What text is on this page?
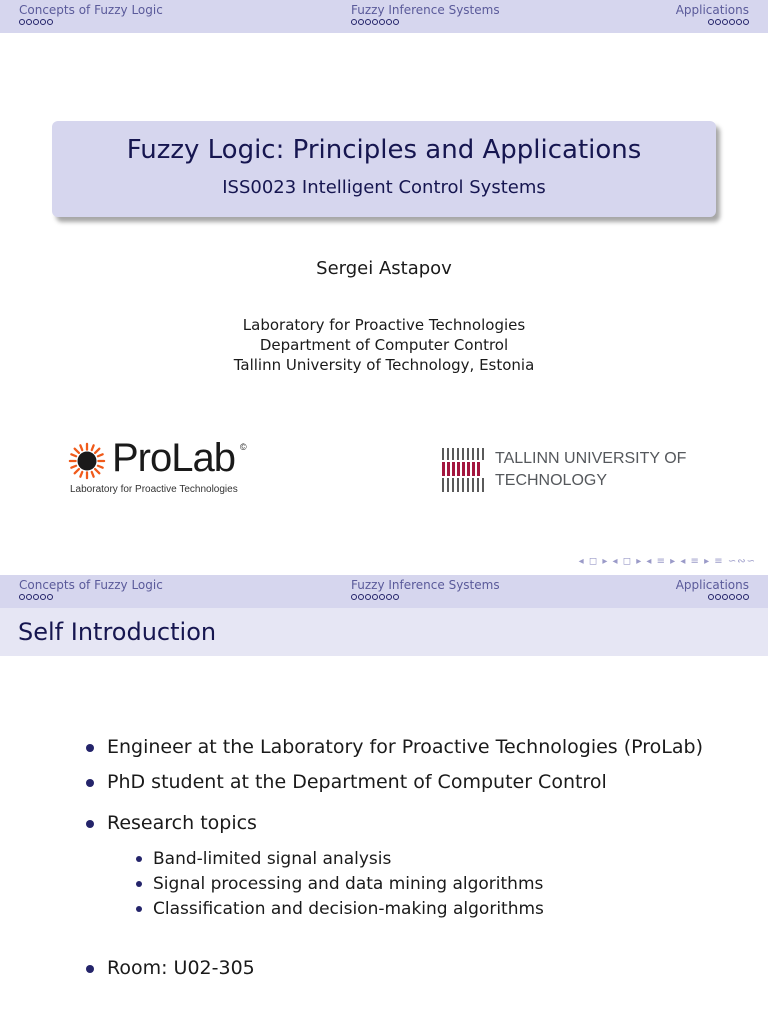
Concepts of Fuzzy Logic	Fuzzy Inference Systems	Applications
Fuzzy Logic: Principles and Applications
ISS0023 Intelligent Control Systems
Sergei Astapov
Laboratory for Proactive Technologies
Department of Computer Control
Tallinn University of Technology, Estonia
ProLab ©
Laboratory for Proactive Technologies
TALLINN UNIVERSITY OF
TECHNOLOGY
◂ ◻ ▸ ◂ ◻ ▸ ◂ ≡ ▸ ◂ ≡ ▸ ≡ ∽∾∽
Concepts of Fuzzy Logic	Fuzzy Inference Systems	Applications
Self Introduction
Engineer at the Laboratory for Proactive Technologies (ProLab)
PhD student at the Department of Computer Control
Research topics
Band-limited signal analysis
Signal processing and data mining algorithms
Classification and decision-making algorithms
Room: U02-305
